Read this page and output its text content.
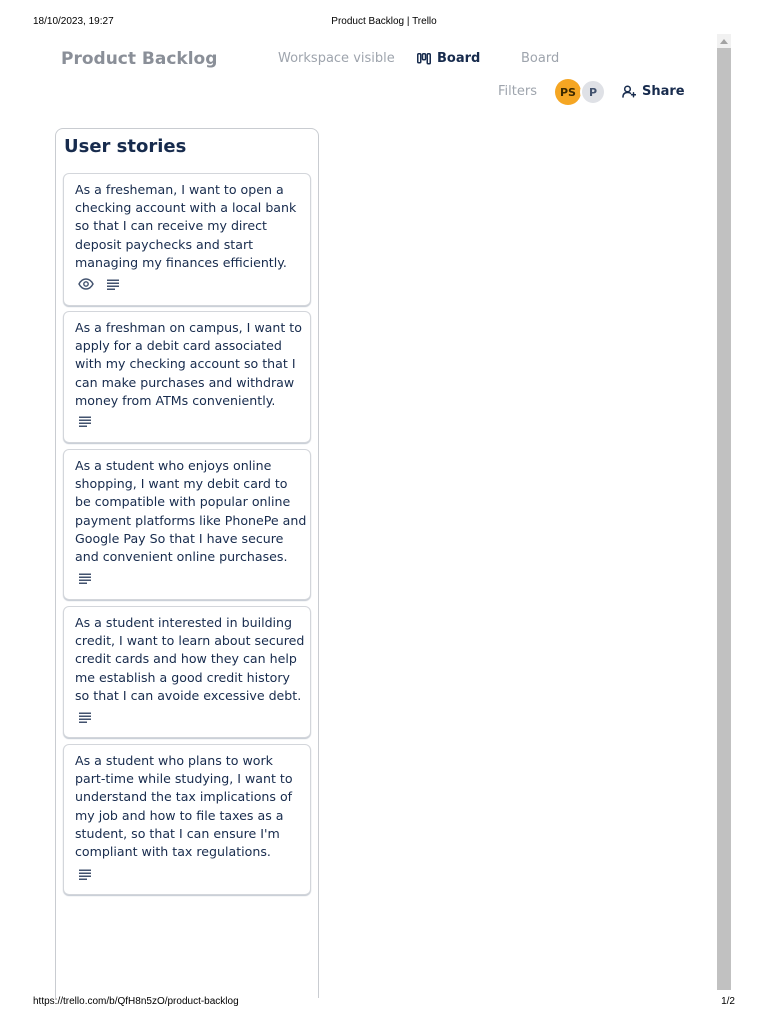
18/10/2023, 19:27	Product Backlog | Trello
Product Backlog	Workspace visible	Board	Board
Filters	PS	P	Share
User stories
As a fresheman, I want to open a checking account with a local bank so that I can receive my direct deposit paychecks and start managing my finances efficiently.
As a freshman on campus, I want to apply for a debit card associated with my checking account so that I can make purchases and withdraw money from ATMs conveniently.
As a student who enjoys online shopping, I want my debit card to be compatible with popular online payment platforms like PhonePe and Google Pay So that I have secure and convenient online purchases.
As a student interested in building credit, I want to learn about secured credit cards and how they can help me establish a good credit history so that I can avoide excessive debt.
As a student who plans to work part-time while studying, I want to understand the tax implications of my job and how to file taxes as a student, so that I can ensure I'm compliant with tax regulations.
https://trello.com/b/QfH8n5zO/product-backlog	1/2
